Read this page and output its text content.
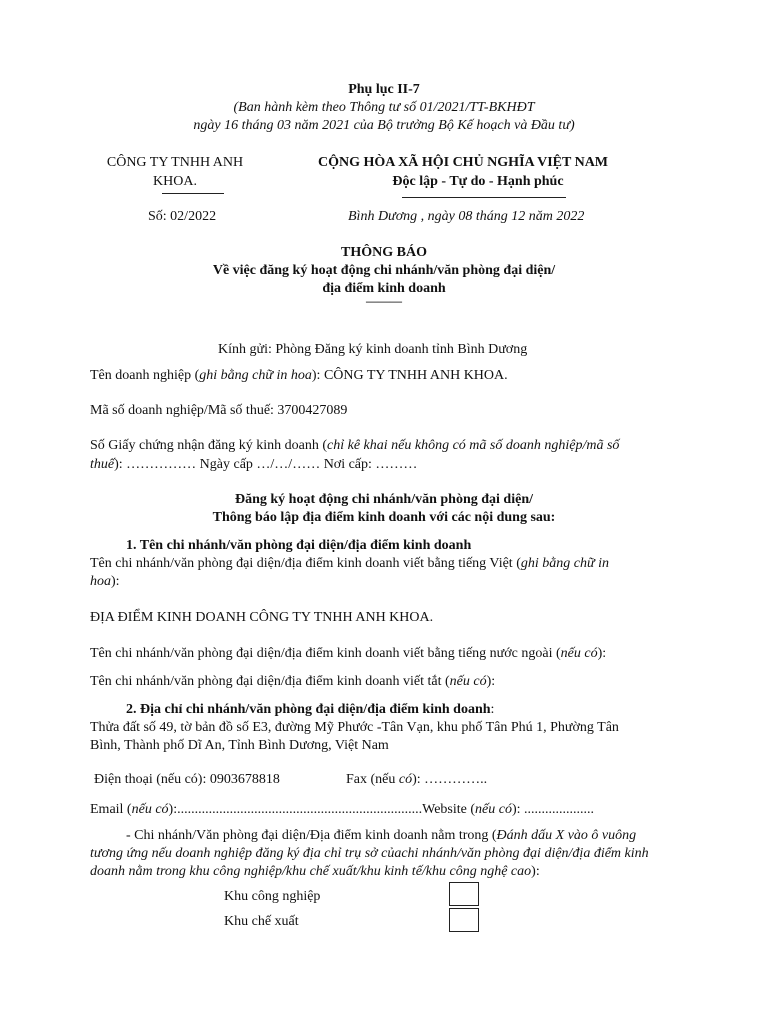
Phụ lục II-7
(Ban hành kèm theo Thông tư số 01/2021/TT-BKHĐT
ngày 16 tháng 03 năm 2021 của Bộ trưởng Bộ Kế hoạch và Đầu tư)
CÔNG TY TNHH ANH
KHOA.
CỘNG HÒA XÃ HỘI CHỦ NGHĨA VIỆT NAM
Độc lập - Tự do - Hạnh phúc
Số: 02/2022	Bình Dương , ngày 08 tháng 12 năm 2022
THÔNG BÁO
Về việc đăng ký hoạt động chi nhánh/văn phòng đại diện/
địa điểm kinh doanh
———
Kính gửi: Phòng Đăng ký kinh doanh tỉnh Bình Dương
Tên doanh nghiệp (ghi bằng chữ in hoa): CÔNG TY TNHH ANH KHOA.
Mã số doanh nghiệp/Mã số thuế: 3700427089
Số Giấy chứng nhận đăng ký kinh doanh (chỉ kê khai nếu không có mã số doanh nghiệp/mã số
thuế): …………… Ngày cấp …/…/…… Nơi cấp: ………
Đăng ký hoạt động chi nhánh/văn phòng đại diện/
Thông báo lập địa điểm kinh doanh với các nội dung sau:
1. Tên chi nhánh/văn phòng đại diện/địa điểm kinh doanh
Tên chi nhánh/văn phòng đại diện/địa điểm kinh doanh viết bằng tiếng Việt (ghi bằng chữ in
hoa):
ĐỊA ĐIỂM KINH DOANH CÔNG TY TNHH ANH KHOA.
Tên chi nhánh/văn phòng đại diện/địa điểm kinh doanh viết bằng tiếng nước ngoài (nếu có):
Tên chi nhánh/văn phòng đại diện/địa điểm kinh doanh viết tắt (nếu có):
2. Địa chỉ chi nhánh/văn phòng đại diện/địa điểm kinh doanh:
Thửa đất số 49, tờ bản đồ số E3, đường Mỹ Phước -Tân Vạn, khu phố Tân Phú 1, Phường Tân
Bình, Thành phố Dĩ An, Tỉnh Bình Dương, Việt Nam
Điện thoại (nếu có): 0903678818	Fax (nếu có): …………..
Email (nếu có):......................................................................Website (nếu có): ....................
- Chi nhánh/Văn phòng đại diện/Địa điểm kinh doanh nằm trong (Đánh dấu X vào ô vuông
tương ứng nếu doanh nghiệp đăng ký địa chỉ trụ sở củachi nhánh/văn phòng đại diện/địa điểm kinh
doanh nằm trong khu công nghiệp/khu chế xuất/khu kinh tế/khu công nghệ cao):
Khu công nghiệp
Khu chế xuất
